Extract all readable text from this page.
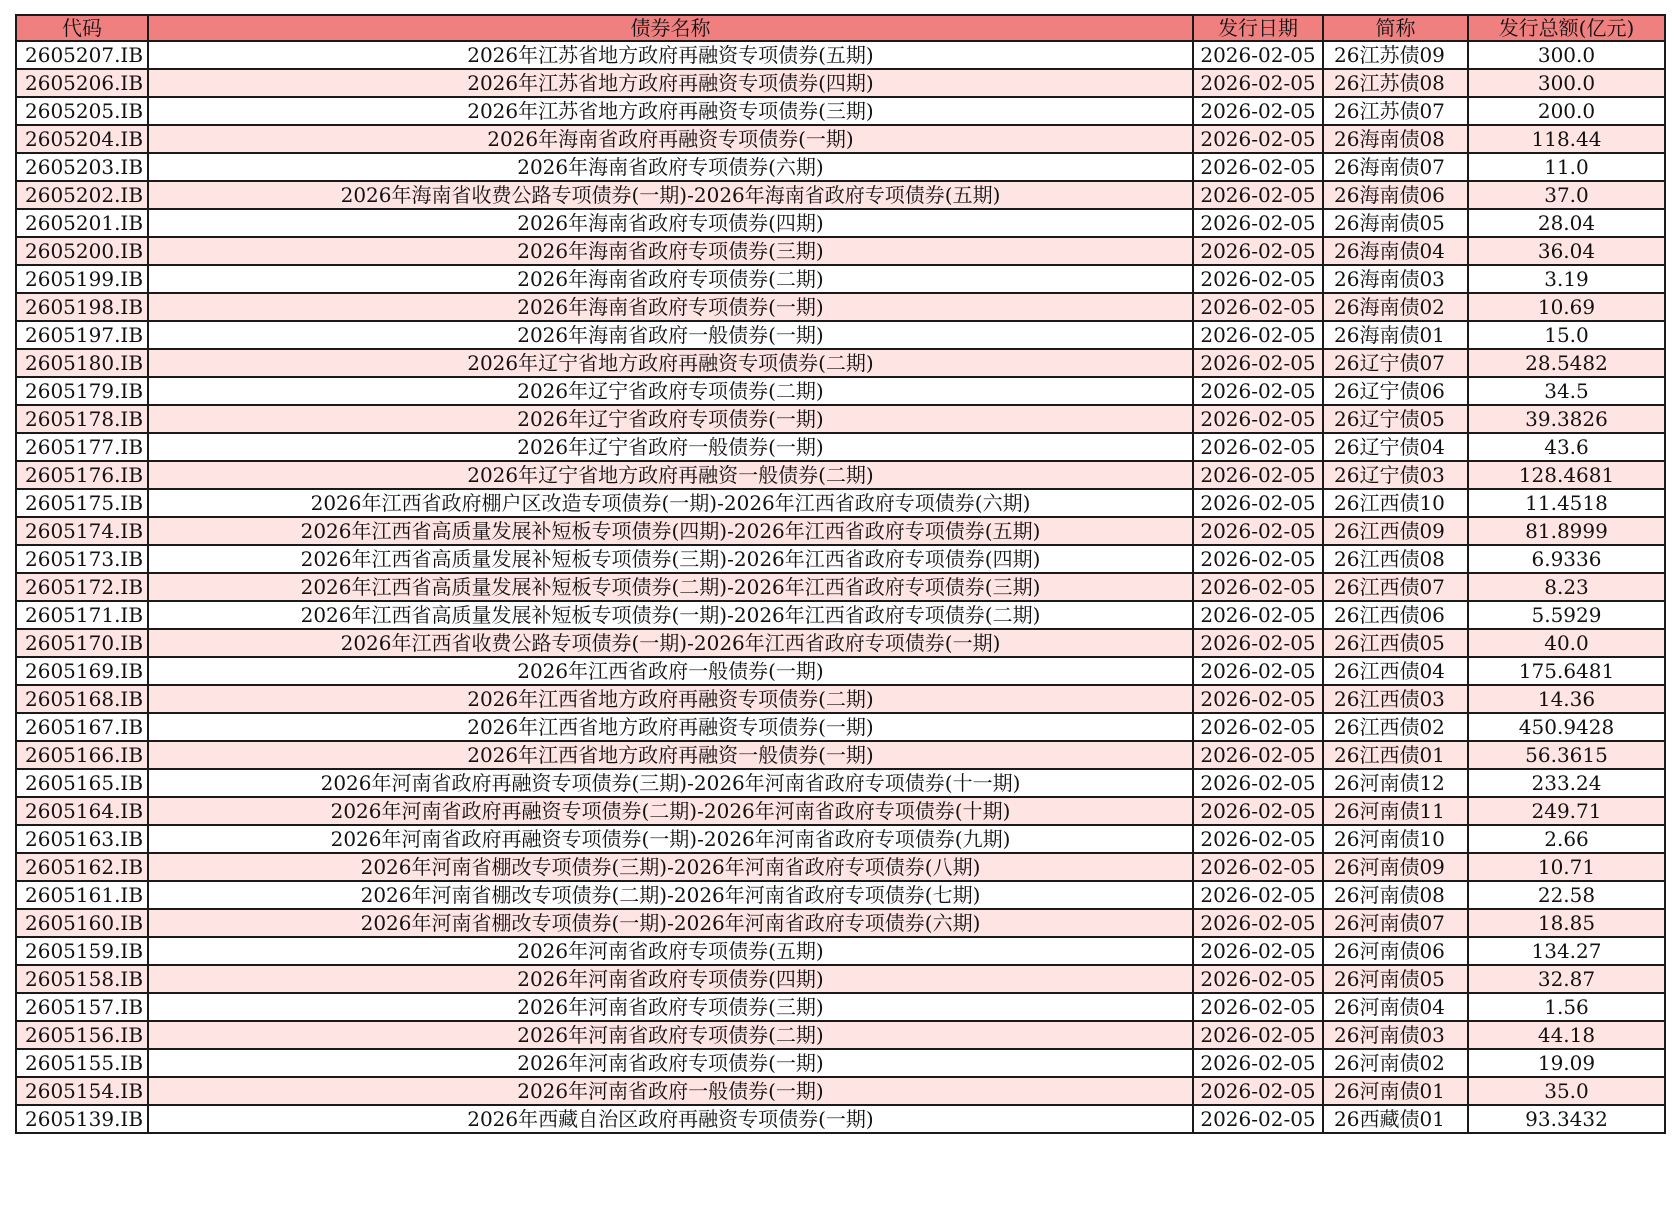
代码	债券名称	发行日期	简称	发行总额(亿元)
2605207.IB	2026年江苏省地方政府再融资专项债券(五期)	2026-02-05	26江苏债09	300.0
2605206.IB	2026年江苏省地方政府再融资专项债券(四期)	2026-02-05	26江苏债08	300.0
2605205.IB	2026年江苏省地方政府再融资专项债券(三期)	2026-02-05	26江苏债07	200.0
2605204.IB	2026年海南省政府再融资专项债券(一期)	2026-02-05	26海南债08	118.44
2605203.IB	2026年海南省政府专项债券(六期)	2026-02-05	26海南债07	11.0
2605202.IB	2026年海南省收费公路专项债券(一期)-2026年海南省政府专项债券(五期)	2026-02-05	26海南债06	37.0
2605201.IB	2026年海南省政府专项债券(四期)	2026-02-05	26海南债05	28.04
2605200.IB	2026年海南省政府专项债券(三期)	2026-02-05	26海南债04	36.04
2605199.IB	2026年海南省政府专项债券(二期)	2026-02-05	26海南债03	3.19
2605198.IB	2026年海南省政府专项债券(一期)	2026-02-05	26海南债02	10.69
2605197.IB	2026年海南省政府一般债券(一期)	2026-02-05	26海南债01	15.0
2605180.IB	2026年辽宁省地方政府再融资专项债券(二期)	2026-02-05	26辽宁债07	28.5482
2605179.IB	2026年辽宁省政府专项债券(二期)	2026-02-05	26辽宁债06	34.5
2605178.IB	2026年辽宁省政府专项债券(一期)	2026-02-05	26辽宁债05	39.3826
2605177.IB	2026年辽宁省政府一般债券(一期)	2026-02-05	26辽宁债04	43.6
2605176.IB	2026年辽宁省地方政府再融资一般债券(二期)	2026-02-05	26辽宁债03	128.4681
2605175.IB	2026年江西省政府棚户区改造专项债券(一期)-2026年江西省政府专项债券(六期)	2026-02-05	26江西债10	11.4518
2605174.IB	2026年江西省高质量发展补短板专项债券(四期)-2026年江西省政府专项债券(五期)	2026-02-05	26江西债09	81.8999
2605173.IB	2026年江西省高质量发展补短板专项债券(三期)-2026年江西省政府专项债券(四期)	2026-02-05	26江西债08	6.9336
2605172.IB	2026年江西省高质量发展补短板专项债券(二期)-2026年江西省政府专项债券(三期)	2026-02-05	26江西债07	8.23
2605171.IB	2026年江西省高质量发展补短板专项债券(一期)-2026年江西省政府专项债券(二期)	2026-02-05	26江西债06	5.5929
2605170.IB	2026年江西省收费公路专项债券(一期)-2026年江西省政府专项债券(一期)	2026-02-05	26江西债05	40.0
2605169.IB	2026年江西省政府一般债券(一期)	2026-02-05	26江西债04	175.6481
2605168.IB	2026年江西省地方政府再融资专项债券(二期)	2026-02-05	26江西债03	14.36
2605167.IB	2026年江西省地方政府再融资专项债券(一期)	2026-02-05	26江西债02	450.9428
2605166.IB	2026年江西省地方政府再融资一般债券(一期)	2026-02-05	26江西债01	56.3615
2605165.IB	2026年河南省政府再融资专项债券(三期)-2026年河南省政府专项债券(十一期)	2026-02-05	26河南债12	233.24
2605164.IB	2026年河南省政府再融资专项债券(二期)-2026年河南省政府专项债券(十期)	2026-02-05	26河南债11	249.71
2605163.IB	2026年河南省政府再融资专项债券(一期)-2026年河南省政府专项债券(九期)	2026-02-05	26河南债10	2.66
2605162.IB	2026年河南省棚改专项债券(三期)-2026年河南省政府专项债券(八期)	2026-02-05	26河南债09	10.71
2605161.IB	2026年河南省棚改专项债券(二期)-2026年河南省政府专项债券(七期)	2026-02-05	26河南债08	22.58
2605160.IB	2026年河南省棚改专项债券(一期)-2026年河南省政府专项债券(六期)	2026-02-05	26河南债07	18.85
2605159.IB	2026年河南省政府专项债券(五期)	2026-02-05	26河南债06	134.27
2605158.IB	2026年河南省政府专项债券(四期)	2026-02-05	26河南债05	32.87
2605157.IB	2026年河南省政府专项债券(三期)	2026-02-05	26河南债04	1.56
2605156.IB	2026年河南省政府专项债券(二期)	2026-02-05	26河南债03	44.18
2605155.IB	2026年河南省政府专项债券(一期)	2026-02-05	26河南债02	19.09
2605154.IB	2026年河南省政府一般债券(一期)	2026-02-05	26河南债01	35.0
2605139.IB	2026年西藏自治区政府再融资专项债券(一期)	2026-02-05	26西藏债01	93.3432
